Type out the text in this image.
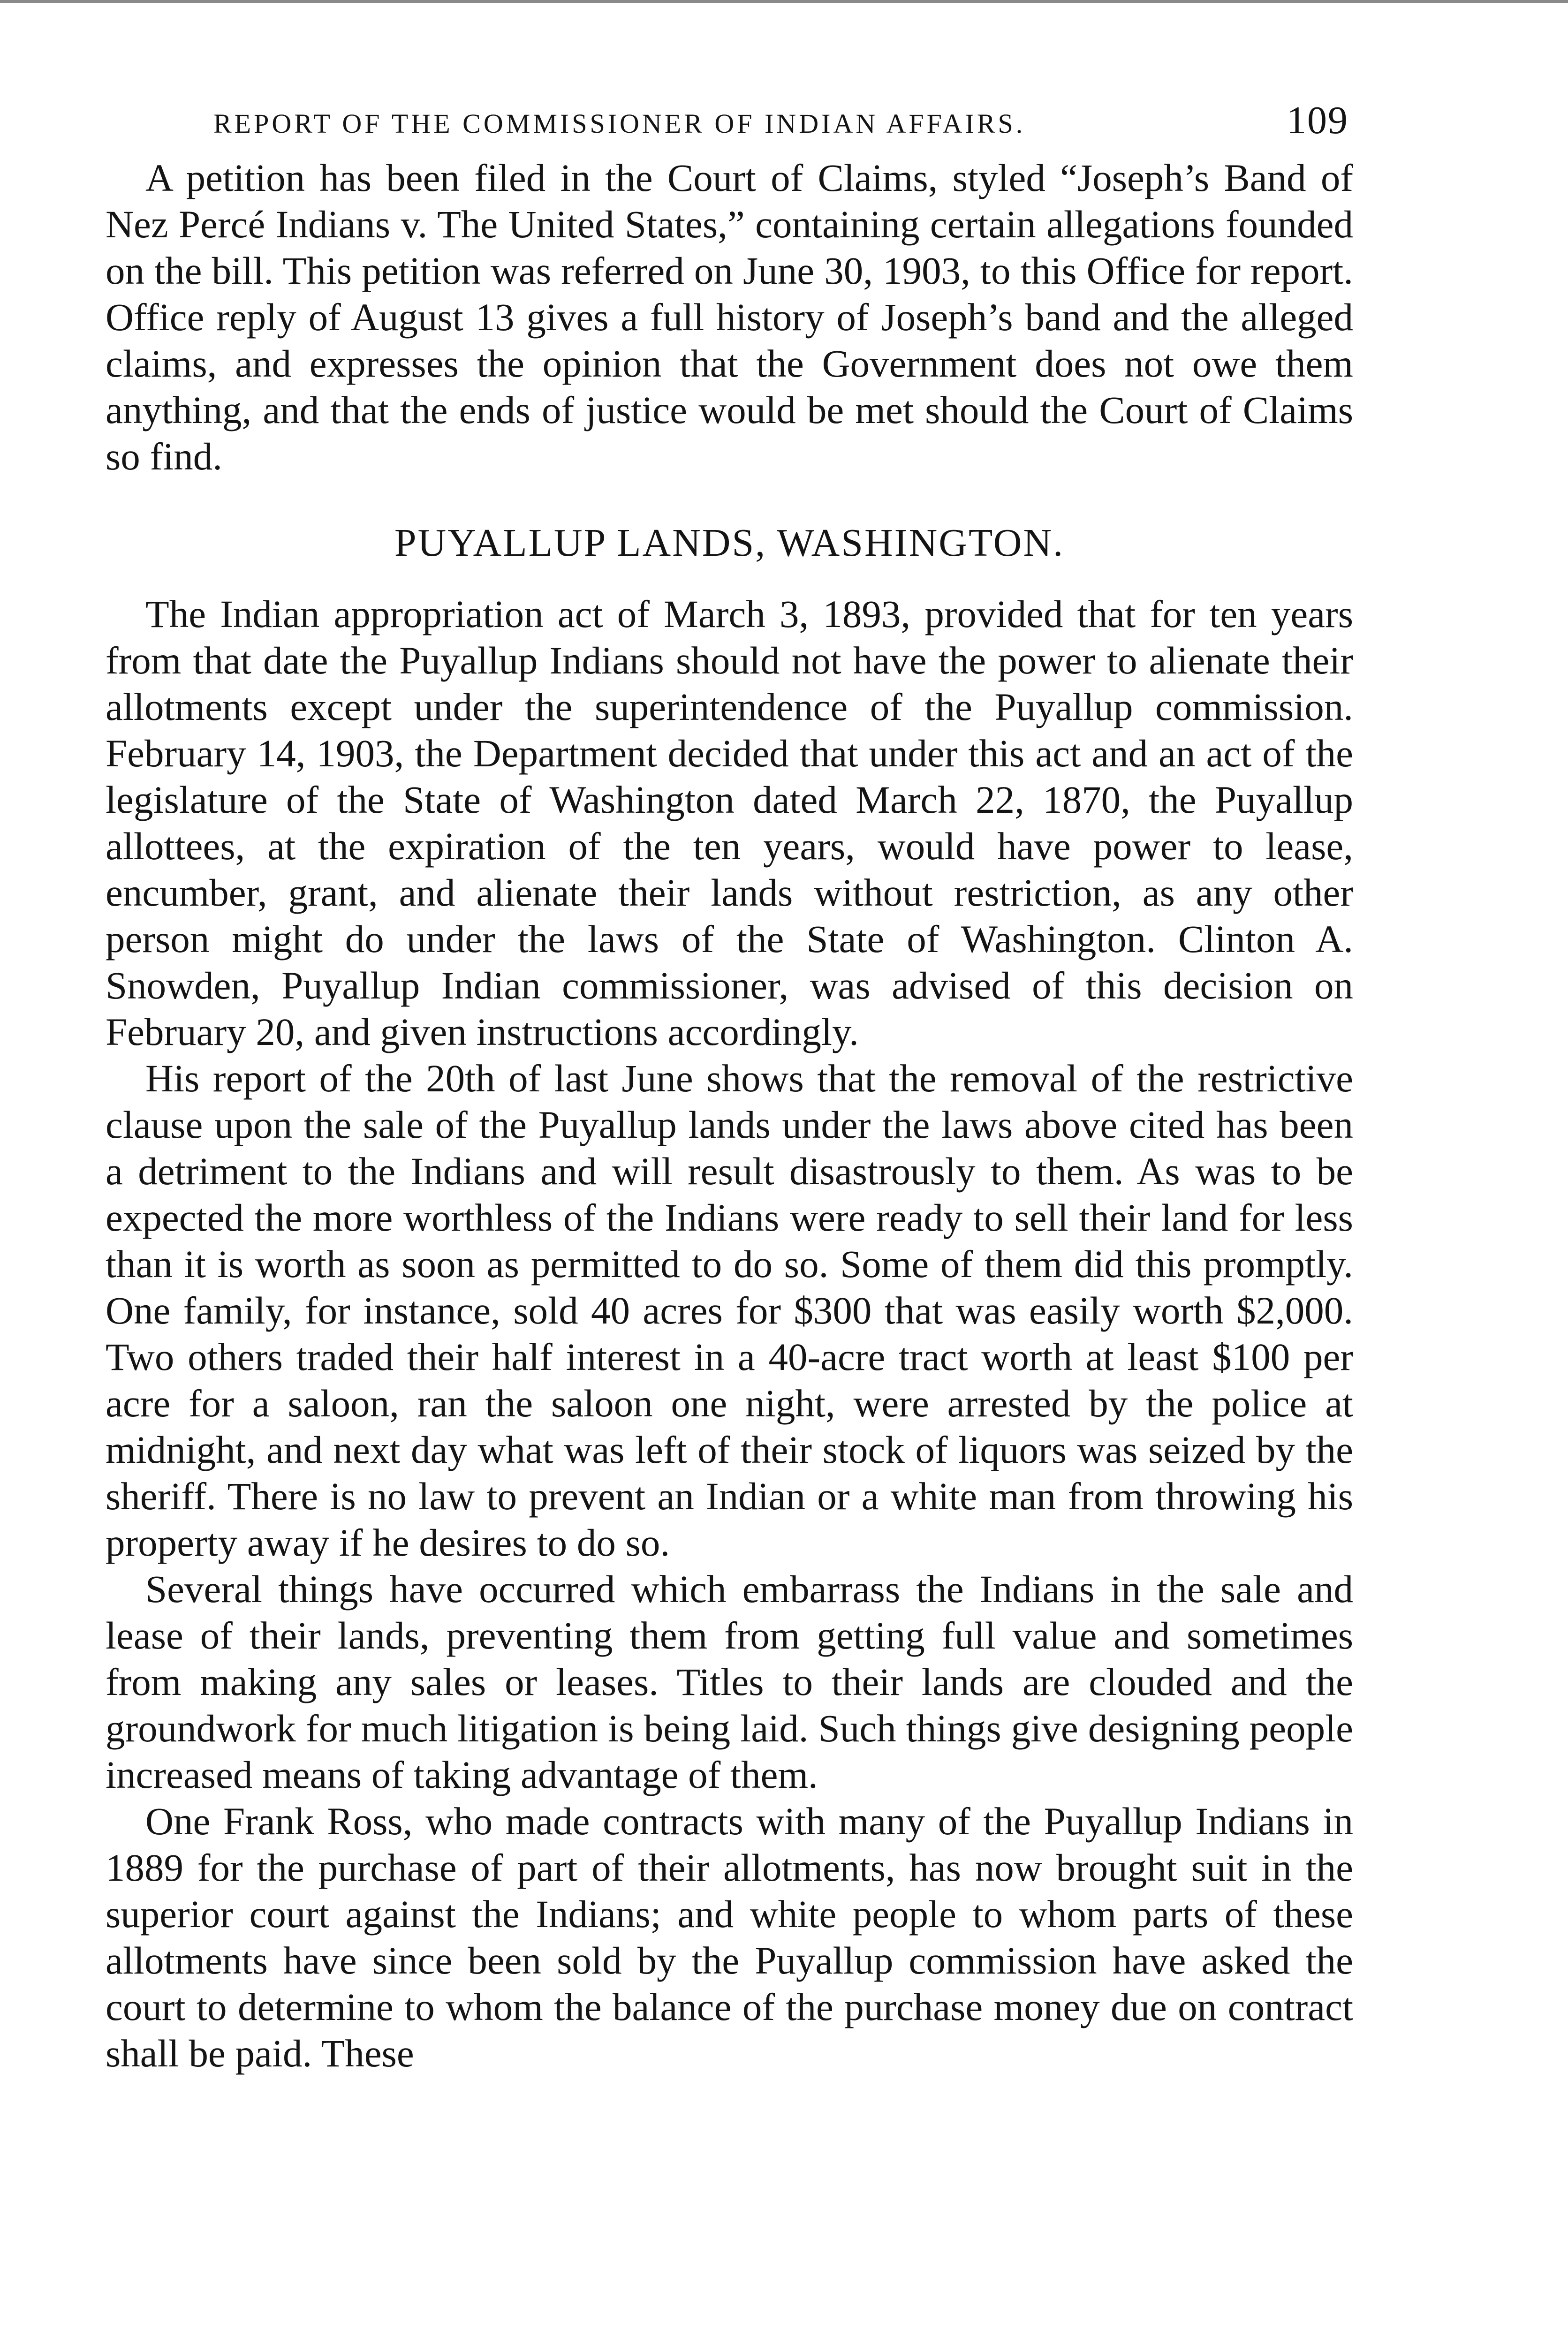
REPORT OF THE COMMISSIONER OF INDIAN AFFAIRS.	109

A petition has been filed in the Court of Claims, styled “Joseph’s Band of Nez Percé Indians v. The United States,” containing certain allegations founded on the bill. This petition was referred on June 30, 1903, to this Office for report. Office reply of August 13 gives a full history of Joseph’s band and the alleged claims, and expresses the opinion that the Government does not owe them anything, and that the ends of justice would be met should the Court of Claims so find.

PUYALLUP LANDS, WASHINGTON.

The Indian appropriation act of March 3, 1893, provided that for ten years from that date the Puyallup Indians should not have the power to alienate their allotments except under the superintendence of the Puyallup commission. February 14, 1903, the Department decided that under this act and an act of the legislature of the State of Washington dated March 22, 1870, the Puyallup allottees, at the expiration of the ten years, would have power to lease, encumber, grant, and alienate their lands without restriction, as any other person might do under the laws of the State of Washington. Clinton A. Snowden, Puyallup Indian commissioner, was advised of this decision on February 20, and given instructions accordingly.

His report of the 20th of last June shows that the removal of the restrictive clause upon the sale of the Puyallup lands under the laws above cited has been a detriment to the Indians and will result disastrously to them. As was to be expected the more worthless of the Indians were ready to sell their land for less than it is worth as soon as permitted to do so. Some of them did this promptly. One family, for instance, sold 40 acres for $300 that was easily worth $2,000. Two others traded their half interest in a 40-acre tract worth at least $100 per acre for a saloon, ran the saloon one night, were arrested by the police at midnight, and next day what was left of their stock of liquors was seized by the sheriff. There is no law to prevent an Indian or a white man from throwing his property away if he desires to do so.

Several things have occurred which embarrass the Indians in the sale and lease of their lands, preventing them from getting full value and sometimes from making any sales or leases. Titles to their lands are clouded and the groundwork for much litigation is being laid. Such things give designing people increased means of taking advantage of them.

One Frank Ross, who made contracts with many of the Puyallup Indians in 1889 for the purchase of part of their allotments, has now brought suit in the superior court against the Indians; and white people to whom parts of these allotments have since been sold by the Puyallup commission have asked the court to determine to whom the balance of the purchase money due on contract shall be paid. These
